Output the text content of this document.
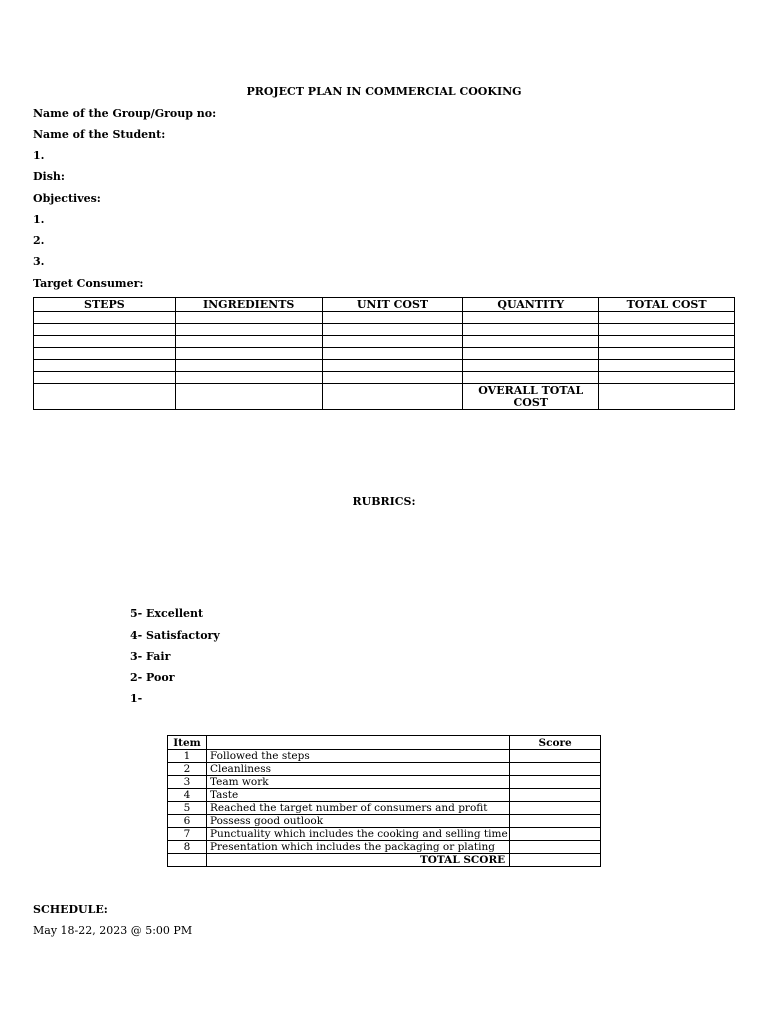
PROJECT PLAN IN COMMERCIAL COOKING
Name of the Group/Group no:
Name of the Student:
1.
Dish:
Objectives:
1.
2.
3.
Target Consumer:
STEPS	INGREDIENTS	UNIT COST	QUANTITY	TOTAL COST

			OVERALL TOTAL COST	
RUBRICS:
5- Excellent
4- Satisfactory
3- Fair
2- Poor
1-
Item		Score
1	Followed the steps	
2	Cleanliness	
3	Team work	
4	Taste	
5	Reached the target number of consumers and profit	
6	Possess good outlook	
7	Punctuality which includes the cooking and selling time	
8	Presentation which includes the packaging or plating	
	TOTAL SCORE	
SCHEDULE:
May 18-22, 2023 @ 5:00 PM
